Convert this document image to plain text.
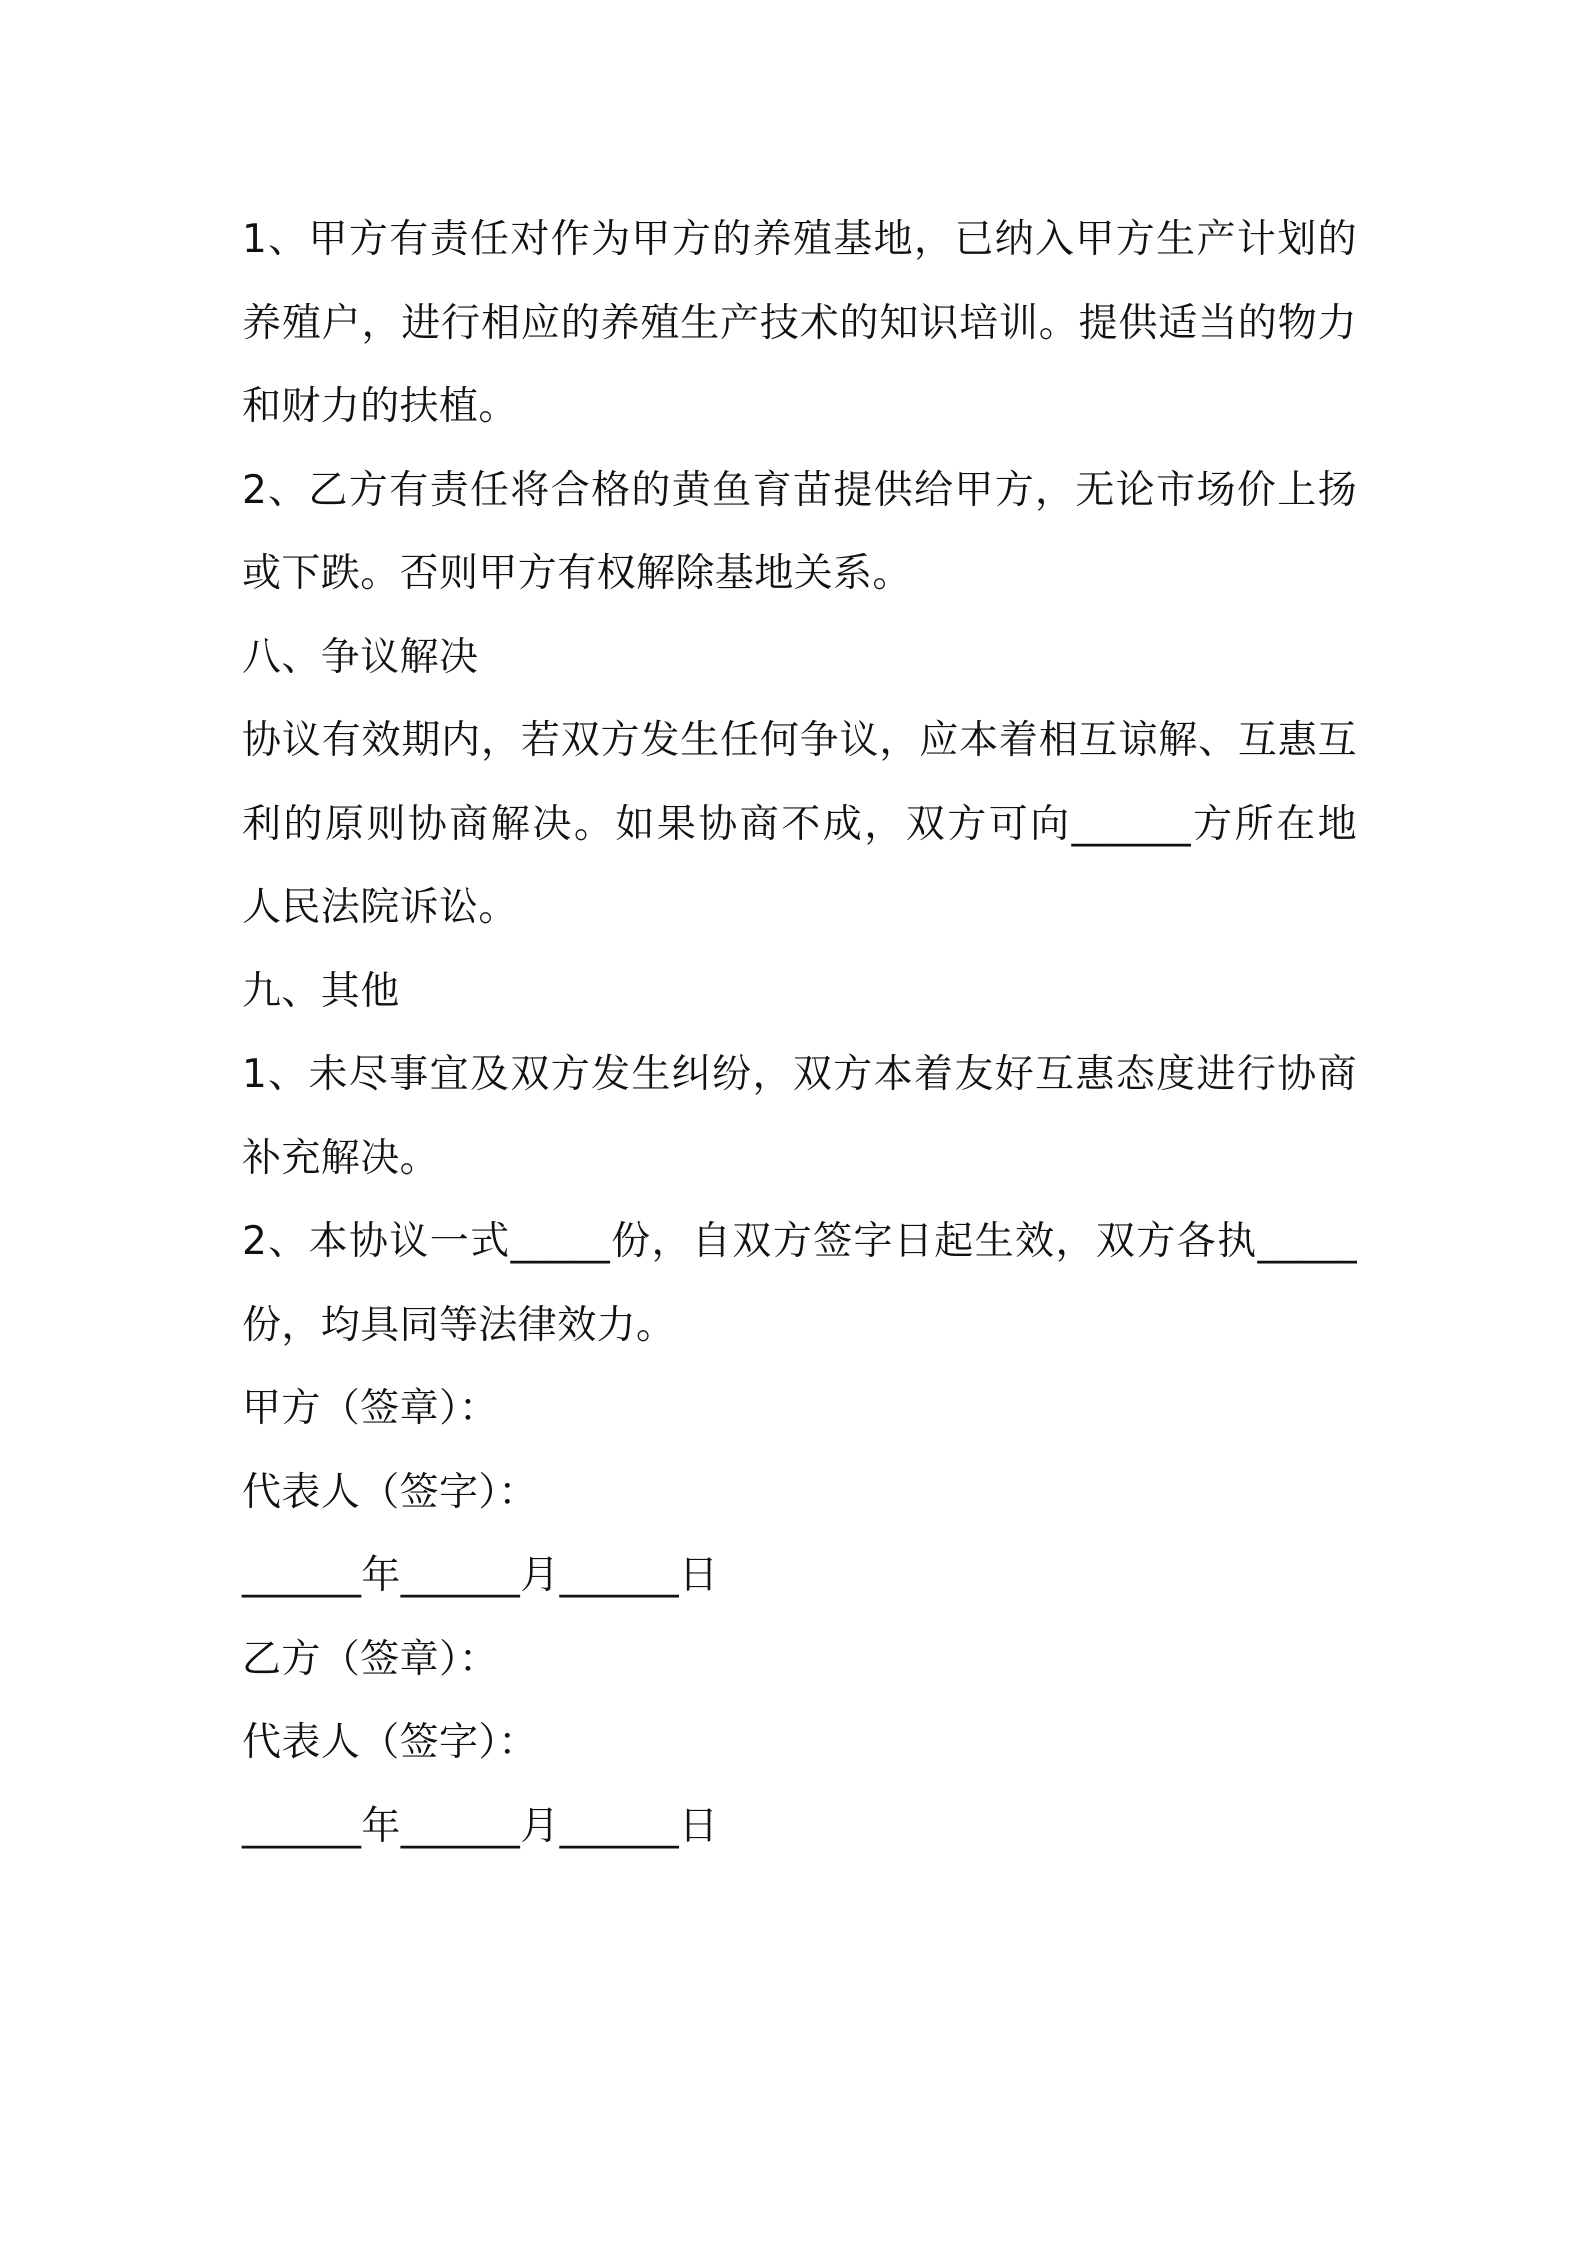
1、甲方有责任对作为甲方的养殖基地，已纳入甲方生产计划的
养殖户，进行相应的养殖生产技术的知识培训。提供适当的物力
和财力的扶植。
2、乙方有责任将合格的黄鱼育苗提供给甲方，无论市场价上扬
或下跌。否则甲方有权解除基地关系。
八、争议解决
协议有效期内，若双方发生任何争议，应本着相互谅解、互惠互
利的原则协商解决。如果协商不成，双方可向______方所在地
人民法院诉讼。
九、其他
1、未尽事宜及双方发生纠纷，双方本着友好互惠态度进行协商
补充解决。
2、本协议一式_____份，自双方签字日起生效，双方各执_____
份，均具同等法律效力。
甲方（签章）：
代表人（签字）：
______年______月______日
乙方（签章）：
代表人（签字）：
______年______月______日
